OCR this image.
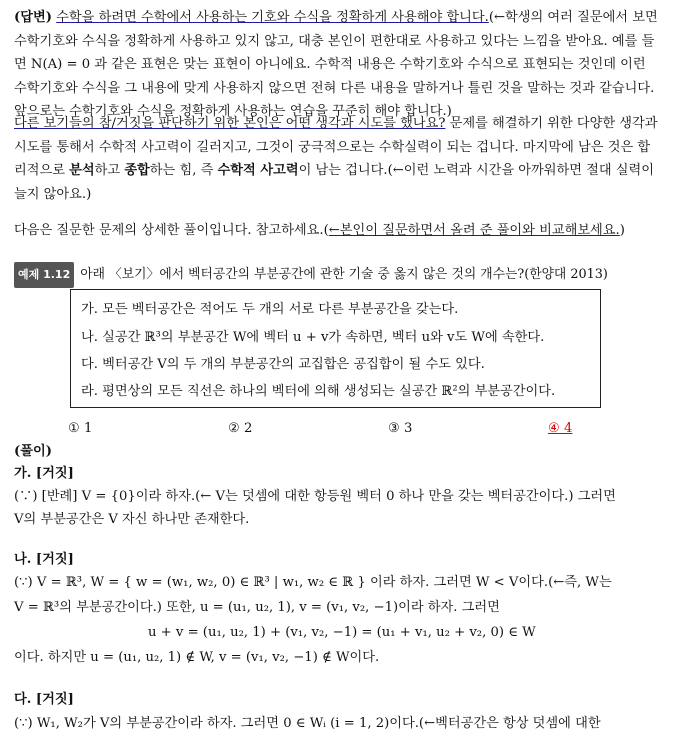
(답변) 수학을 하려면 수학에서 사용하는 기호와 수식을 정확하게 사용해야 합니다.(←학생의 여러 질문에서 보면 수학기호와 수식을 정확하게 사용하고 있지 않고, 대충 본인이 편한대로 사용하고 있다는 느낌을 받아요. 예를 들면 N(A) = 0 과 같은 표현은 맞는 표현이 아니에요. 수학적 내용은 수학기호와 수식으로 표현되는 것인데 이런 수학기호와 수식을 그 내용에 맞게 사용하지 않으면 전혀 다른 내용을 말하거나 틀린 것을 말하는 것과 같습니다. 앞으로는 수학기호와 수식을 정확하게 사용하는 연습을 꾸준히 해야 합니다.)

다른 보기들의 참/거짓을 판단하기 위한 본인은 어떤 생각과 시도를 했나요? 문제를 해결하기 위한 다양한 생각과 시도를 통해서 수학적 사고력이 길러지고, 그것이 궁극적으로는 수학실력이 되는 겁니다. 마지막에 남은 것은 합리적으로 분석하고 종합하는 힘, 즉 수학적 사고력이 남는 겁니다.(←이런 노력과 시간을 아까워하면 절대 실력이 늘지 않아요.)

다음은 질문한 문제의 상세한 풀이입니다. 참고하세요.(←본인이 질문하면서 올려 준 풀이와 비교해보세요.)

예제 1.12 아래 〈보기〉에서 벡터공간의 부분공간에 관한 기술 중 옳지 않은 것의 개수는?(한양대 2013)

가. 모든 벡터공간은 적어도 두 개의 서로 다른 부분공간을 갖는다.
나. 실공간 ℝ³의 부분공간 W에 벡터 u + v가 속하면, 벡터 u와 v도 W에 속한다.
다. 벡터공간 V의 두 개의 부분공간의 교집합은 공집합이 될 수도 있다.
라. 평면상의 모든 직선은 하나의 벡터에 의해 생성되는 실공간 ℝ²의 부분공간이다.
① 1	② 2	③ 3	④ 4

(풀이)

가. [거짓]

(∵) [반례] V = {0}이라 하자.(← V는 덧셈에 대한 항등원 벡터 0 하나 만을 갖는 벡터공간이다.) 그러면

V의 부분공간은 V 자신 하나만 존재한다.

나. [거짓]

(∵) V = ℝ³, W = { w = (w₁, w₂, 0) ∈ ℝ³ | w₁, w₂ ∈ ℝ } 이라 하자. 그러면 W < V이다.(←즉, W는

V = ℝ³의 부분공간이다.) 또한, u = (u₁, u₂, 1), v = (v₁, v₂, −1)이라 하자. 그러면

u + v = (u₁, u₂, 1) + (v₁, v₂, −1) = (u₁ + v₁, u₂ + v₂, 0) ∈ W

이다. 하지만 u = (u₁, u₂, 1) ∉ W, v = (v₁, v₂, −1) ∉ W이다.

다. [거짓]

(∵) W₁, W₂가 V의 부분공간이라 하자. 그러면 0 ∈ Wᵢ (i = 1, 2)이다.(←벡터공간은 항상 덧셈에 대한
